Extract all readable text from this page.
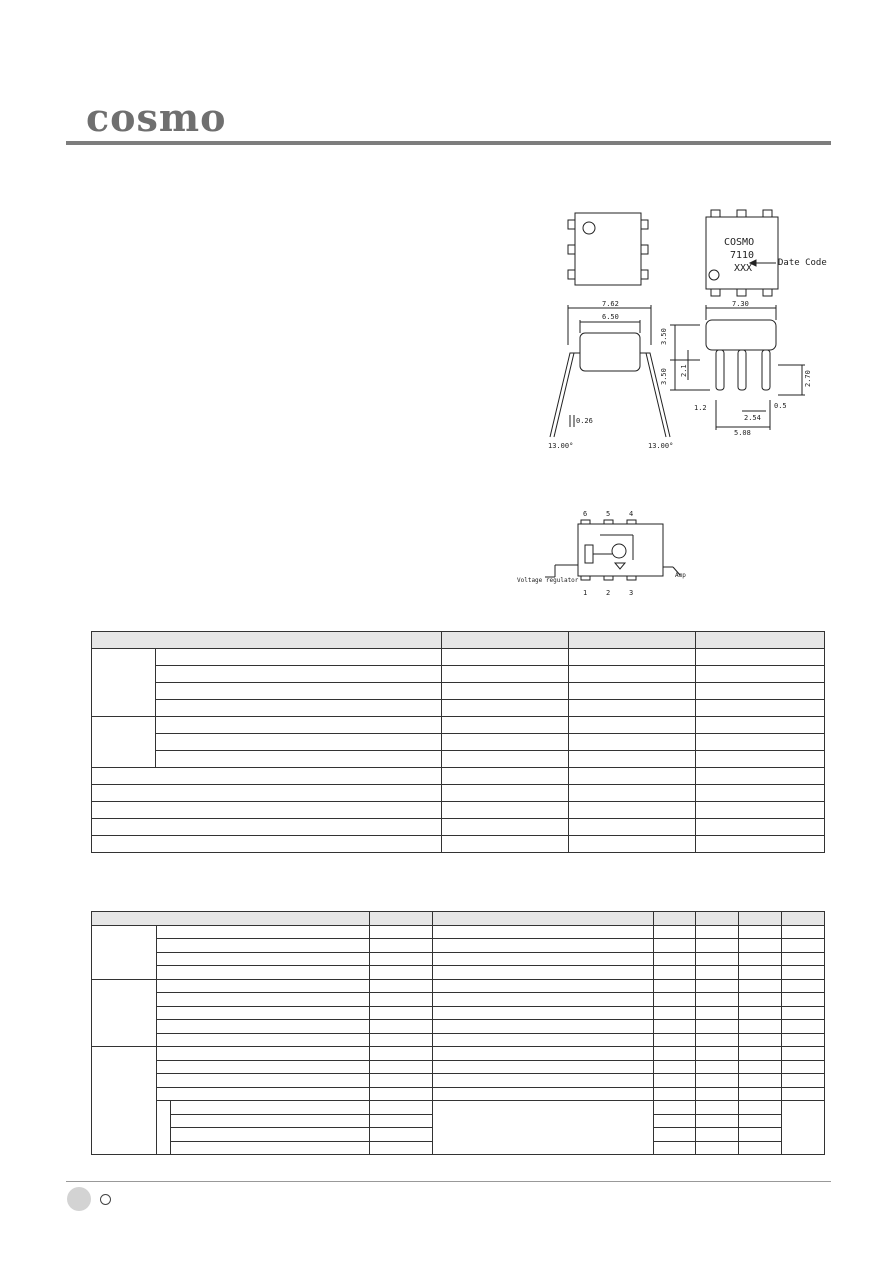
cosmo
COSMO
7110
XXX	Date Code
7.62
6.50
0.26
13.00°	13.00°
7.30
1.2	0.5
2.54
5.08
3.50
3.50 2.1	2.70
6	5	4
1	2	3
Voltage regulator
Amp
